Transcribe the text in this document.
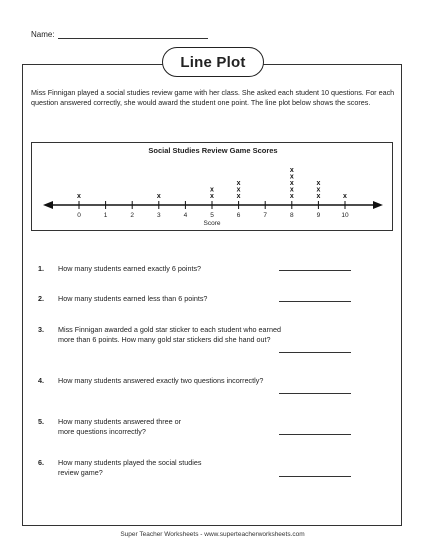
Name:
Line Plot
Miss Finnigan played a social studies review game with her class. She asked each student 10 questions. For each question answered correctly, she would award the student one point. The line plot below shows the scores.
Social Studies Review Game Scores
0	1	2	3	4	5	6	7	8	9	10
Score
x	x	x
x
x
x
x
x
x
x
x
x
x
x
x
x
1.	How many students earned exactly 6 points?
2.	How many students earned less than 6 points?
3.	Miss Finnigan awarded a gold star sticker to each student who earned more than 6 points. How many gold star stickers did she hand out?
4.	How many students answered exactly two questions incorrectly?
5.	How many students answered three or more questions incorrectly?
6.	How many students played the social studies review game?
Super Teacher Worksheets - www.superteacherworksheets.com
